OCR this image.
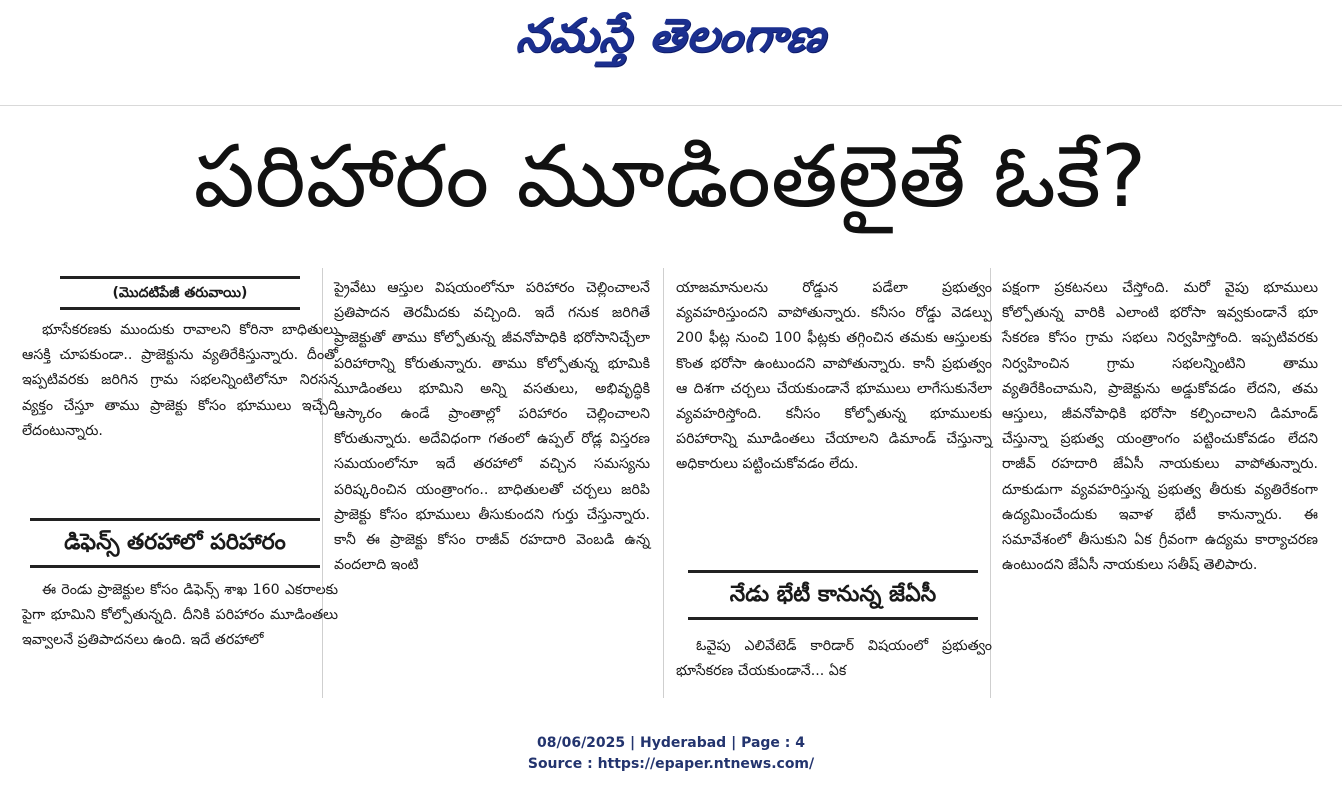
నమస్తే తెలంగాణ
పరిహారం మూడింతలైతే ఓకే?
(మొదటిపేజీ తరువాయి)

భూసేకరణకు ముందుకు రావాలని కోరినా బాధితులు ఆసక్తి చూపకుండా.. ప్రాజెక్టును వ్యతిరేకిస్తున్నారు. దీంతో ఇప్పటివరకు జరిగిన గ్రామ సభలన్నింటిలోనూ నిరసన వ్యక్తం చేస్తూ తాము ప్రాజెక్టు కోసం భూములు ఇచ్చేది లేదంటున్నారు.

డిఫెన్స్ తరహాలో పరిహారం

ఈ రెండు ప్రాజెక్టుల కోసం డిఫెన్స్ శాఖ 160 ఎకరాలకు పైగా భూమిని కోల్పోతున్నది. దీనికి పరిహారం మూడింతలు ఇవ్వాలనే ప్రతిపాదనలు ఉంది. ఇదే తరహాలో

ప్రైవేటు ఆస్తుల విషయంలోనూ పరిహారం చెల్లించాలనే ప్రతిపాదన తెరమీదకు వచ్చింది. ఇదే గనుక జరిగితే ప్రాజెక్టుతో తాము కోల్పోతున్న జీవనోపాధికి భరోసానిచ్చేలా పరిహారాన్ని కోరుతున్నారు. తాము కోల్పోతున్న భూమికి మూడింతలు భూమిని అన్ని వసతులు, అభివృద్ధికి ఆస్కారం ఉండే ప్రాంతాల్లో పరిహారం చెల్లించాలని కోరుతున్నారు. అదేవిధంగా గతంలో ఉప్పల్ రోడ్ల విస్తరణ సమయంలోనూ ఇదే తరహాలో వచ్చిన సమస్యను పరిష్కరించిన యంత్రాంగం.. బాధితులతో చర్చలు జరిపి ప్రాజెక్టు కోసం భూములు తీసుకుందని గుర్తు చేస్తున్నారు. కానీ ఈ ప్రాజెక్టు కోసం రాజీవ్ రహదారి వెంబడి ఉన్న వందలాది ఇంటి

యాజమానులను రోడ్డున పడేలా ప్రభుత్వం వ్యవహరిస్తుందని వాపోతున్నారు. కనీసం రోడ్డు వెడల్పు 200 ఫీట్ల నుంచి 100 ఫీట్లకు తగ్గించిన తమకు ఆస్తులకు కొంత భరోసా ఉంటుందని వాపోతున్నారు. కానీ ప్రభుత్వం ఆ దిశగా చర్చలు చేయకుండానే భూములు లాగేసుకునేలా వ్యవహరిస్తోంది. కనీసం కోల్పోతున్న భూములకు పరిహారాన్ని మూడింతలు చేయాలని డిమాండ్ చేస్తున్నా అధికారులు పట్టించుకోవడం లేదు.

నేడు భేటీ కానున్న జేఏసీ

ఓవైపు ఎలివేటెడ్ కారిడార్ విషయంలో ప్రభుత్వం భూసేకరణ చేయకుండానే... ఏక

పక్షంగా ప్రకటనలు చేస్తోంది. మరో వైపు భూములు కోల్పోతున్న వారికి ఎలాంటి భరోసా ఇవ్వకుండానే భూ సేకరణ కోసం గ్రామ సభలు నిర్వహిస్తోంది. ఇప్పటివరకు నిర్వహించిన గ్రామ సభలన్నింటిని తాము వ్యతిరేకించామని, ప్రాజెక్టును అడ్డుకోవడం లేదని, తమ ఆస్తులు, జీవనోపాధికి భరోసా కల్పించాలని డిమాండ్ చేస్తున్నా ప్రభుత్వ యంత్రాంగం పట్టించుకోవడం లేదని రాజీవ్ రహదారి జేఏసీ నాయకులు వాపోతున్నారు. దూకుడుగా వ్యవహరిస్తున్న ప్రభుత్వ తీరుకు వ్యతిరేకంగా ఉద్యమించేందుకు ఇవాళ భేటీ కానున్నారు. ఈ సమావేశంలో తీసుకుని ఏక గ్రీవంగా ఉద్యమ కార్యాచరణ ఉంటుందని జేఏసీ నాయకులు సతీష్ తెలిపారు.

08/06/2025 | Hyderabad | Page : 4
Source : https://epaper.ntnews.com/
